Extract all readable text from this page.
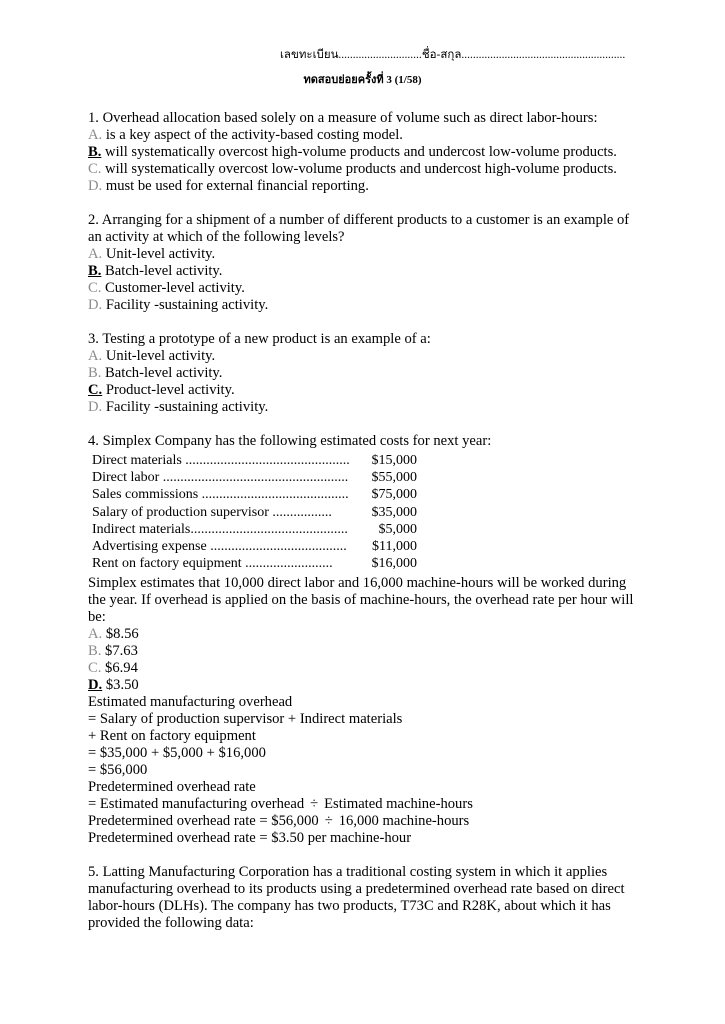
เลขทะเบียน.............................ชื่อ-สกุล.........................................................
ทดสอบย่อยครั้งที่ 3 (1/58)

1. Overhead allocation based solely on a measure of volume such as direct labor-hours:

A. is a key aspect of the activity-based costing model.

B. will systematically overcost high-volume products and undercost low-volume products.

C. will systematically overcost low-volume products and undercost high-volume products.

D. must be used for external financial reporting.

2. Arranging for a shipment of a number of different products to a customer is an example of

an activity at which of the following levels?

A. Unit-level activity.

B. Batch-level activity.

C. Customer-level activity.

D. Facility -sustaining activity.

3. Testing a prototype of a new product is an example of a:

A. Unit-level activity.

B. Batch-level activity.

C. Product-level activity.

D. Facility -sustaining activity.

4. Simplex Company has the following estimated costs for next year:

Direct materials ...............................................	$15,000
Direct labor .....................................................	$55,000
Sales commissions ..........................................	$75,000
Salary of production supervisor .................	$35,000
Indirect materials.............................................	$5,000
Advertising expense .......................................	$11,000
Rent on factory equipment .........................	$16,000

Simplex estimates that 10,000 direct labor and 16,000 machine-hours will be worked during

the year. If overhead is applied on the basis of machine-hours, the overhead rate per hour will

be:

A. $8.56

B. $7.63

C. $6.94

D. $3.50

Estimated manufacturing overhead

= Salary of production supervisor + Indirect materials

+ Rent on factory equipment

= $35,000 + $5,000 + $16,000

= $56,000

Predetermined overhead rate

= Estimated manufacturing overhead ÷ Estimated machine-hours

Predetermined overhead rate = $56,000 ÷ 16,000 machine-hours

Predetermined overhead rate = $3.50 per machine-hour

5. Latting Manufacturing Corporation has a traditional costing system in which it applies

manufacturing overhead to its products using a predetermined overhead rate based on direct

labor-hours (DLHs). The company has two products, T73C and R28K, about which it has

provided the following data:
